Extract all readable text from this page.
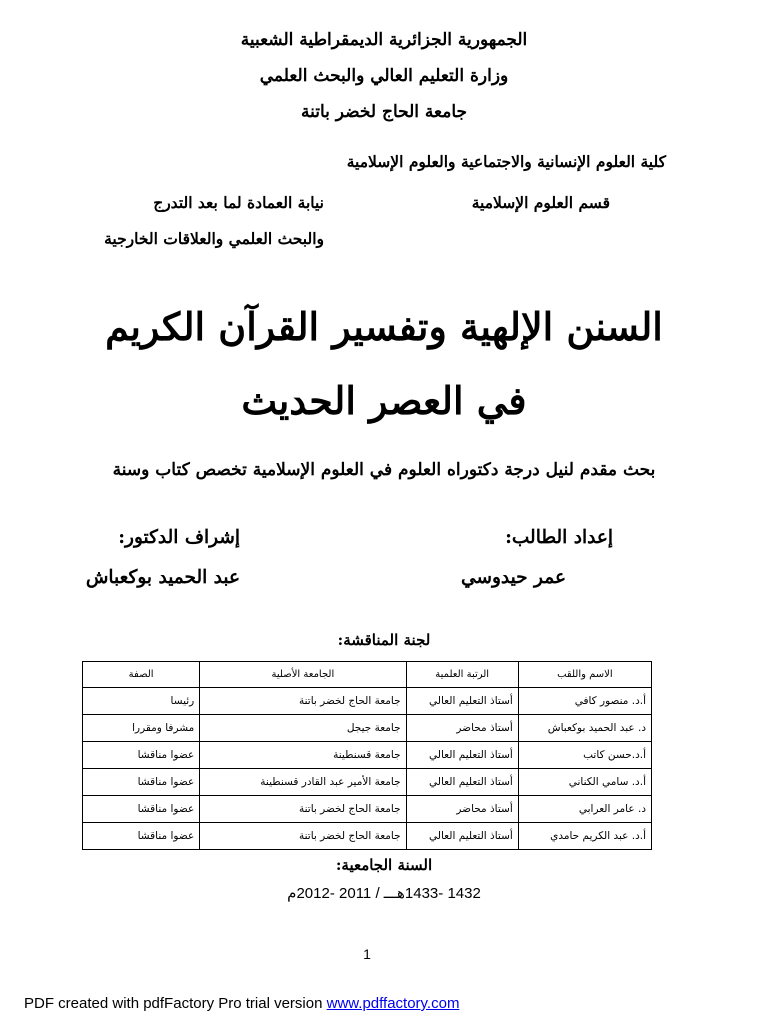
الجمهورية الجزائرية الديمقراطية الشعبية
وزارة التعليم العالي والبحث العلمي
جامعة الحاج لخضر باتنة
كلية العلوم الإنسانية والاجتماعية والعلوم الإسلامية
قسم العلوم الإسلامية
نيابة العمادة لما بعد التدرج
والبحث العلمي والعلاقات الخارجية
السنن الإلهية وتفسير القرآن الكريم
في العصر الحديث
بحث مقدم لنيل درجة دكتوراه العلوم في العلوم الإسلامية تخصص كتاب وسنة
إعداد الطالب:
عمر حيدوسي
إشراف الدكتور:
عبد الحميد بوكعباش
لجنة المناقشة:
الاسم واللقب	الرتبة العلمية	الجامعة الأصلية	الصفة
أ.د. منصور كافي	أستاذ التعليم العالي	جامعة الحاج لخضر باتنة	رئيسا
د. عبد الحميد بوكعباش	أستاذ محاضر	جامعة جيجل	مشرفا ومقررا
أ.د.حسن كاتب	أستاذ التعليم العالي	جامعة قسنطينة	عضوا مناقشا
أ.د. سامي الكناني	أستاذ التعليم العالي	جامعة الأمير عبد القادر قسنطينة	عضوا مناقشا
د. عامر العرابي	أستاذ محاضر	جامعة الحاج لخضر باتنة	عضوا مناقشا
أ.د. عبد الكريم حامدي	أستاذ التعليم العالي	جامعة الحاج لخضر باتنة	عضوا مناقشا
السنة الجامعية:
1432 -1433هـــ / 2011 -2012م
1
PDF created with pdfFactory Pro trial version www.pdffactory.com
